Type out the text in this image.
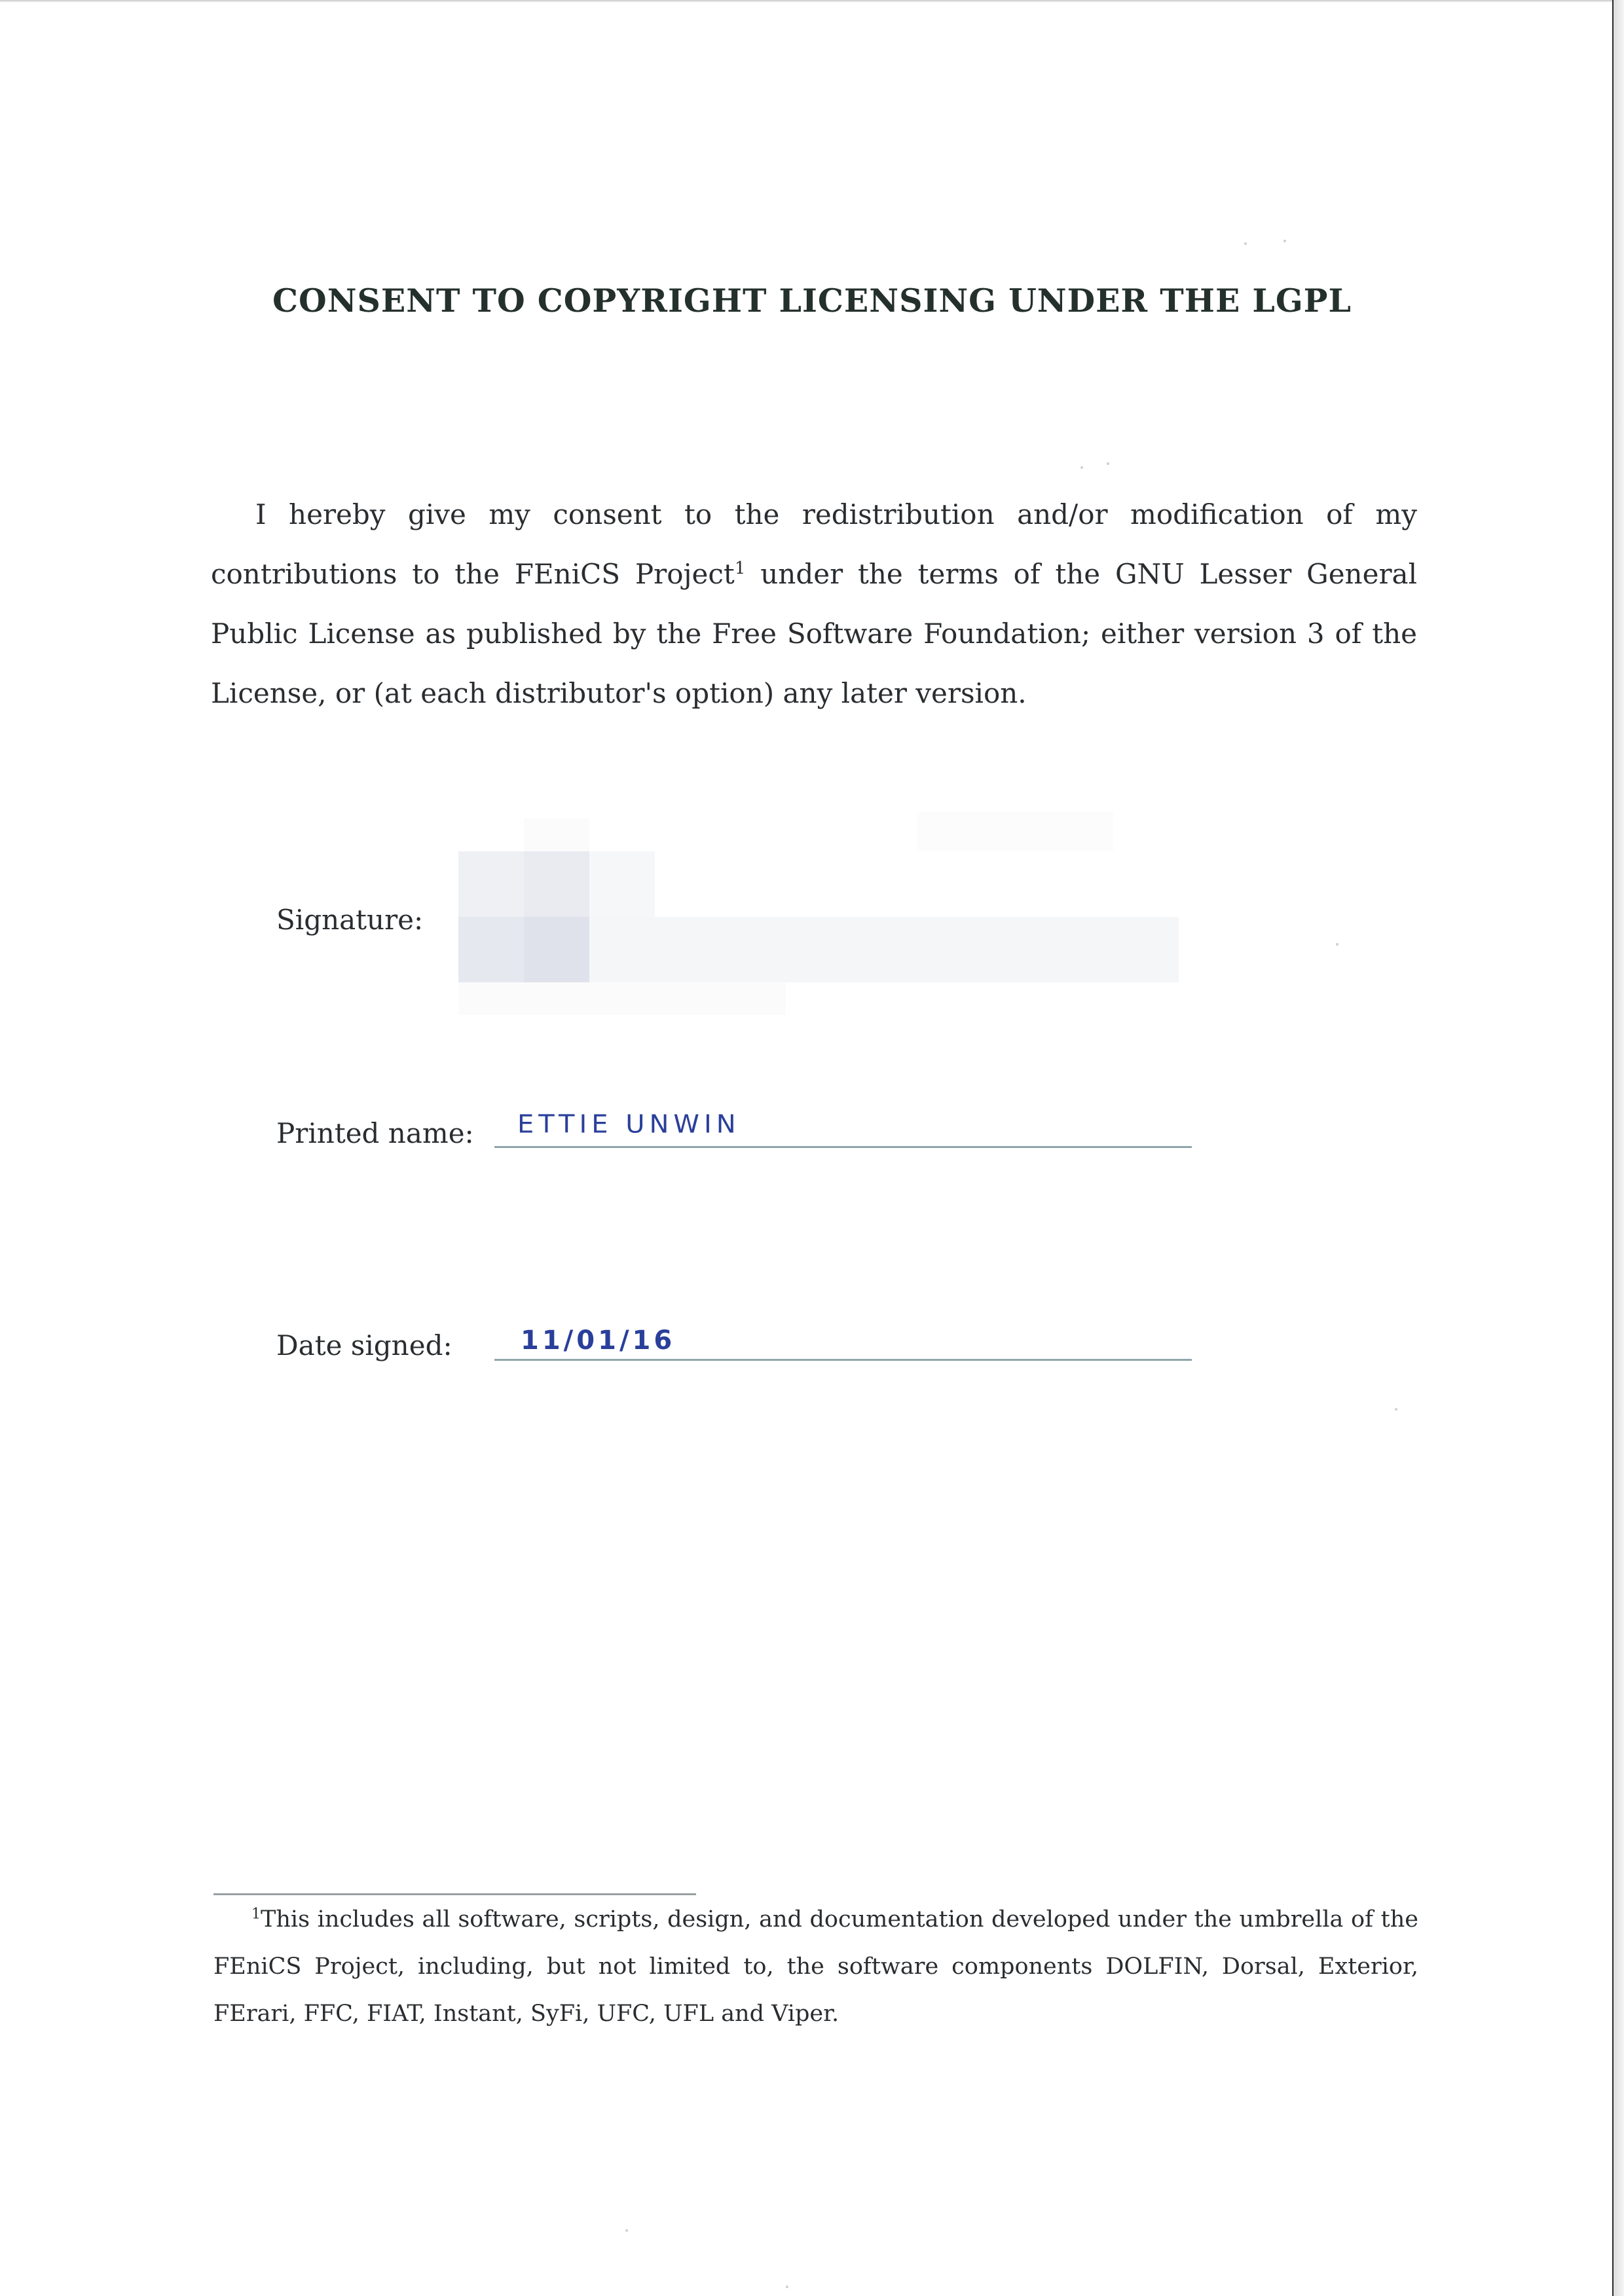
CONSENT TO COPYRIGHT LICENSING UNDER THE LGPL

I hereby give my consent to the redistribution and/or modification of my contributions to the FEniCS Project$^1$ under the terms of the GNU Lesser General Public License as published by the Free Software Foundation; either version 3 of the License, or (at each distributor's option) any later version.

Signature:
Printed name: ETTIE UNWIN
Date signed:	11/01/16

$^1$This includes all software, scripts, design, and documentation developed under the umbrella of the FEniCS Project, including, but not limited to, the software components DOLFIN, Dorsal, Exterior, FErari, FFC, FIAT, Instant, SyFi, UFC, UFL and Viper.
